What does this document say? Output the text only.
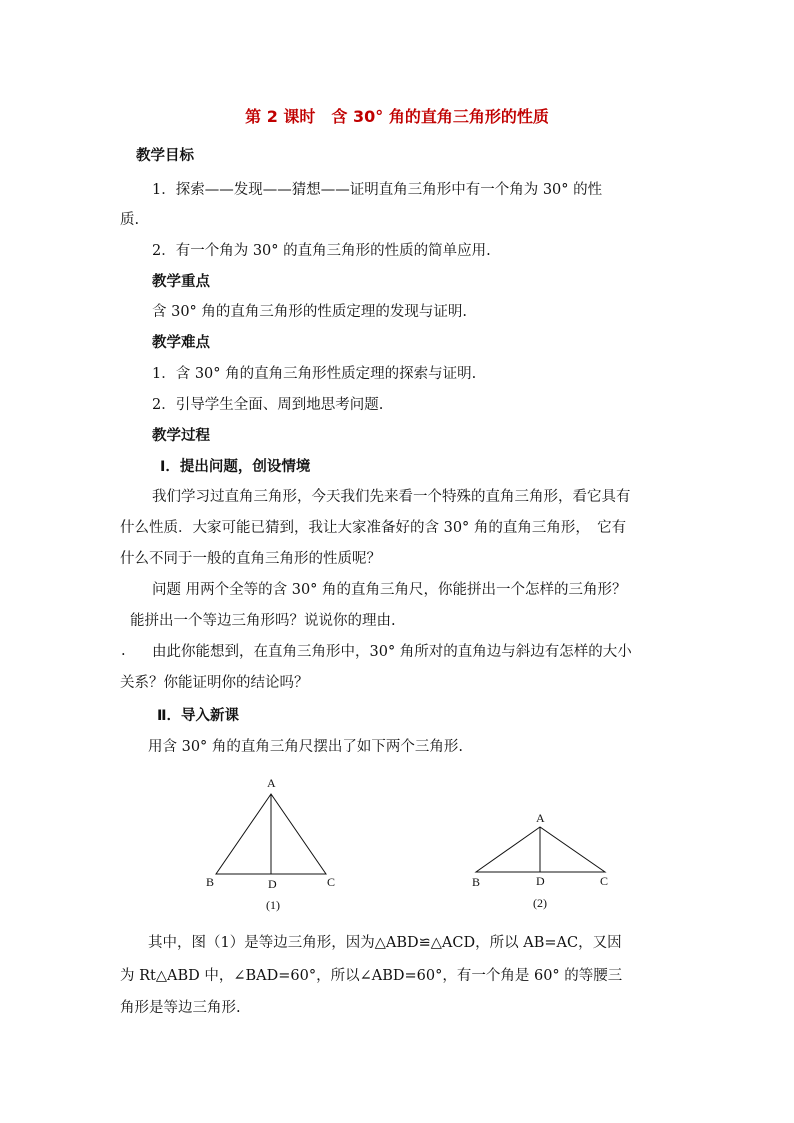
第 2 课时　含 30° 角的直角三角形的性质
教学目标
1．探索——发现——猜想——证明直角三角形中有一个角为 30° 的性
质.
2．有一个角为 30° 的直角三角形的性质的简单应用.
教学重点
含 30° 角的直角三角形的性质定理的发现与证明.
教学难点
1．含 30° 角的直角三角形性质定理的探索与证明.
2．引导学生全面、周到地思考问题.
教学过程
Ⅰ．提出问题，创设情境
我们学习过直角三角形，今天我们先来看一个特殊的直角三角形，看它具有
什么性质．大家可能已猜到，我让大家准备好的含 30° 角的直角三角形，　它有
什么不同于一般的直角三角形的性质呢？
问题 用两个全等的含 30° 角的直角三角尺，你能拼出一个怎样的三角形？
能拼出一个等边三角形吗？说说你的理由.
. 由此你能想到，在直角三角形中，30° 角所对的直角边与斜边有怎样的大小
关系？你能证明你的结论吗？
Ⅱ．导入新课
用含 30° 角的直角三角尺摆出了如下两个三角形.
A
B	C
D
(1)
A
B	C
D
(2)
其中，图（1）是等边三角形，因为△ABD≌△ACD，所以 AB=AC，又因
为 Rt△ABD 中，∠BAD=60°，所以∠ABD=60°，有一个角是 60° 的等腰三
角形是等边三角形.
